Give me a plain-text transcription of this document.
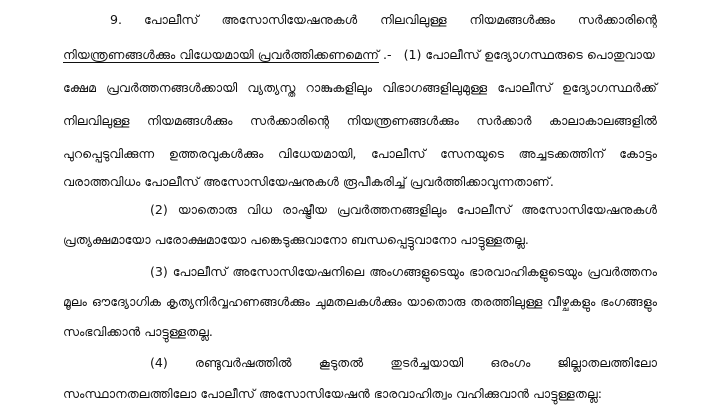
9. പോലീസ് അസോസിയേഷനുകൾ നിലവിലുള്ള നിയമങ്ങൾക്കും സർക്കാരിന്റെ
നിയന്ത്രണങ്ങൾക്കും വിധേയമായി പ്രവർത്തിക്കണമെന്ന് .- (1) പോലീസ് ഉദ്യോഗസ്ഥരുടെ പൊതുവായ
ക്ഷേമ പ്രവർത്തനങ്ങൾക്കായി വ്യത്യസ്ത റാങ്കുകളിലും വിഭാഗങ്ങളിലുമുള്ള പോലീസ് ഉദ്യോഗസ്ഥർക്ക്
നിലവിലുള്ള നിയമങ്ങൾക്കും സർക്കാരിന്റെ നിയന്ത്രണങ്ങൾക്കും സർക്കാർ കാലാകാലങ്ങളിൽ
പുറപ്പെടുവിക്കുന്ന ഉത്തരവുകൾക്കും വിധേയമായി, പോലീസ് സേനയുടെ അച്ചടക്കത്തിന് കോട്ടം
വരാത്തവിധം പോലീസ് അസോസിയേഷനുകൾ രൂപീകരിച്ച് പ്രവർത്തിക്കാവുന്നതാണ്.
(2) യാതൊരു വിധ രാഷ്ട്രീയ പ്രവർത്തനങ്ങളിലും പോലീസ് അസോസിയേഷനുകൾ
പ്രത്യക്ഷമായോ പരോക്ഷമായോ പങ്കെടുക്കുവാനോ ബന്ധപ്പെട്ടുവാനോ പാട്ടുള്ളതല്ല.
(3) പോലീസ് അസോസിയേഷനിലെ അംഗങ്ങളുടെയും ഭാരവാഹികളുടെയും പ്രവർത്തനം
മൂലം ഔദ്യോഗിക കൃത്യനിർവ്വഹണങ്ങൾക്കും ചുമതലകൾക്കും യാതൊരു തരത്തിലുള്ള വീഴ്ചകളും ഭംഗങ്ങളും
സംഭവിക്കാൻ പാട്ടുള്ളതല്ല.
(4) രണ്ടുവർഷത്തിൽ കൂടുതൽ തുടർച്ചയായി ഒരംഗം ജില്ലാതലത്തിലോ
സംസ്ഥാനതലത്തിലോ പോലീസ് അസോസിയേഷൻ ഭാരവാഹിത്വം വഹിക്കുവാൻ പാട്ടുള്ളതല്ല:
